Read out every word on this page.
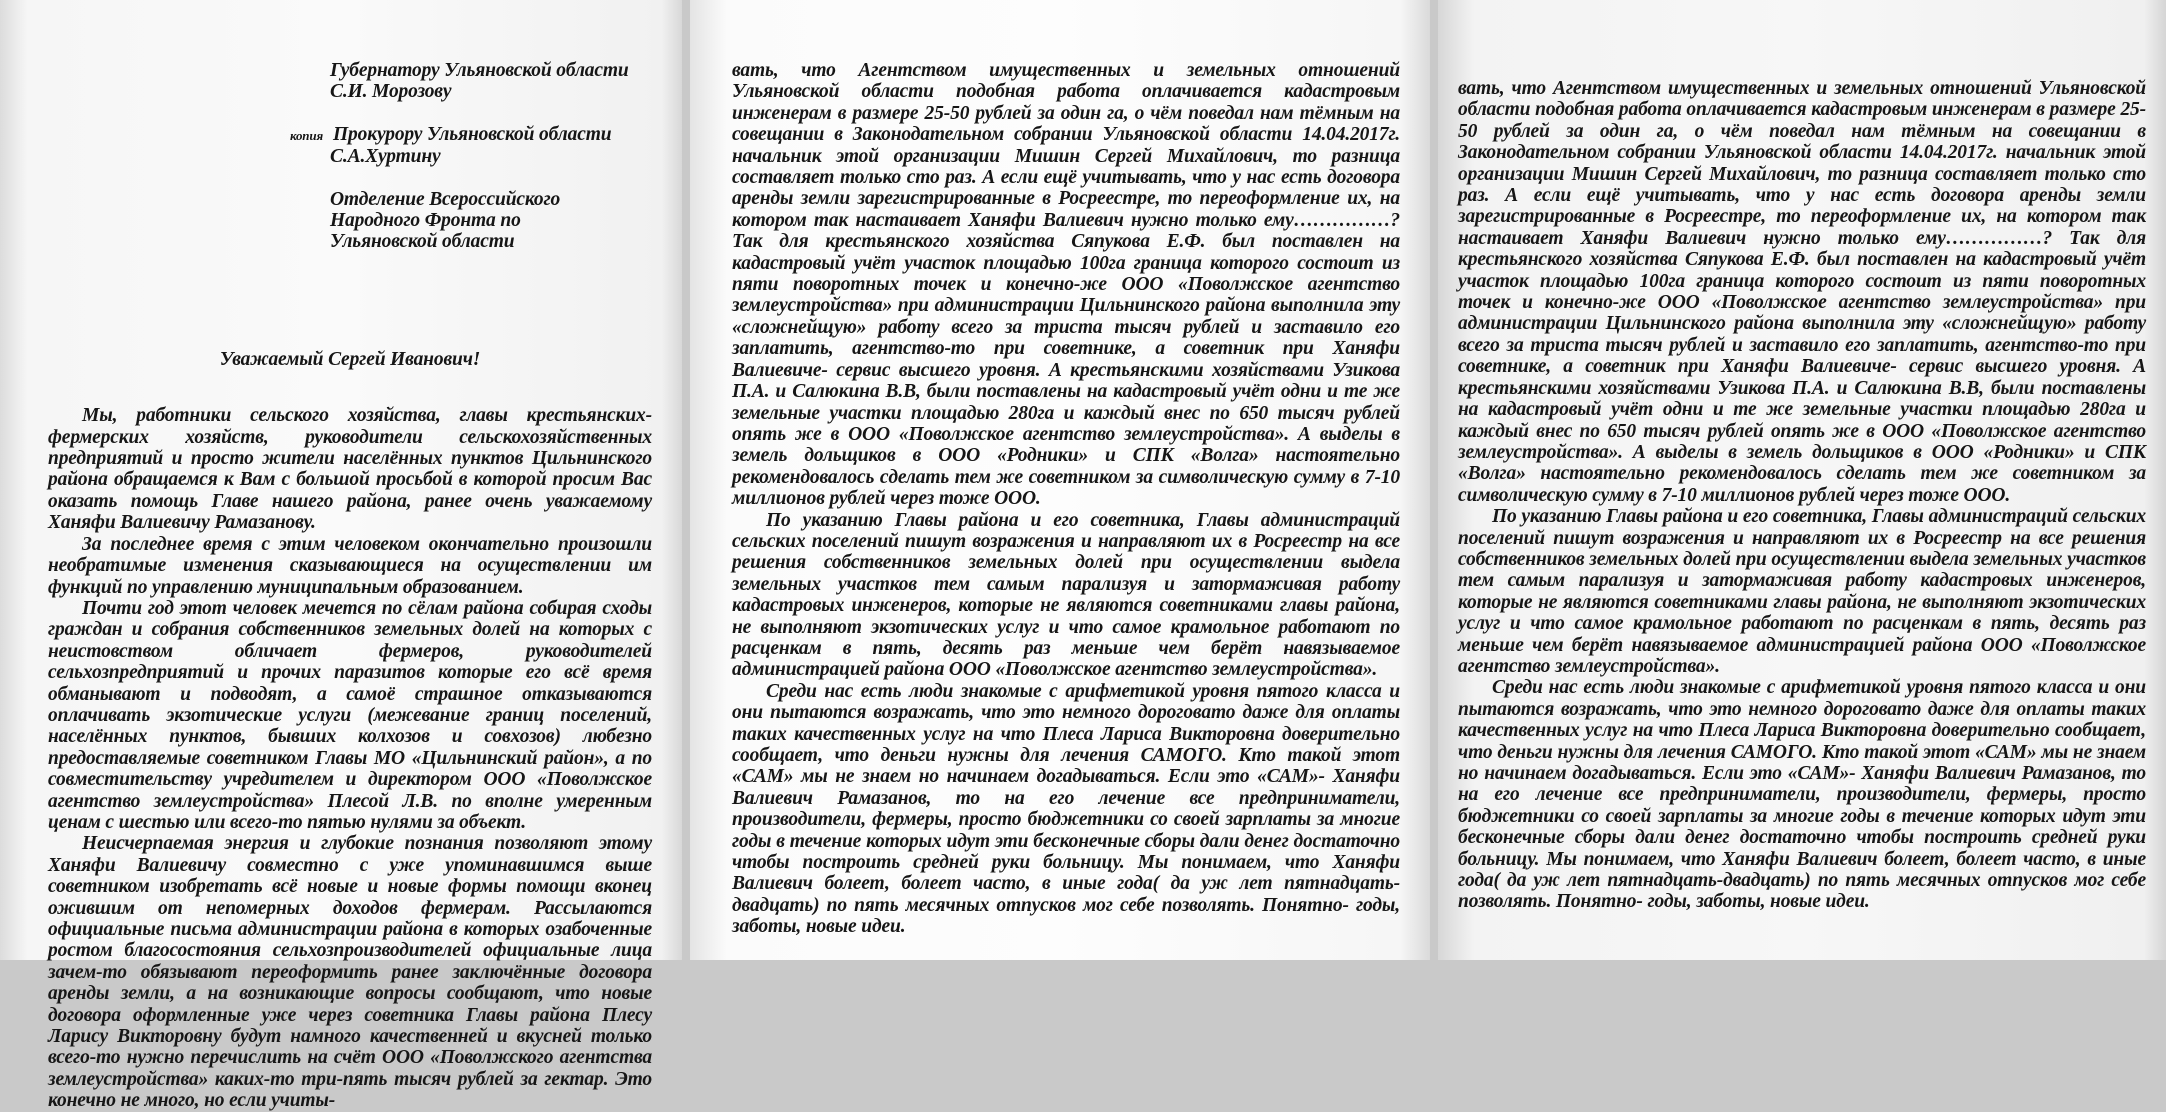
Губернатору Ульяновской области

С.И. Морозову

копия Прокурору Ульяновской области

С.А.Хуртину

Отделение Всероссийского

Народного Фронта по

Ульяновской области

Уважаемый Сергей Иванович!

Мы, работники сельского хозяйства, главы крестьянских-фермерских хозяйств, руководители сельскохозяйственных предприятий и просто жители населённых пунктов Цильнинского района обращаемся к Вам с большой просьбой в которой просим Вас оказать помощь Главе нашего района, ранее очень уважаемому Ханяфи Валиевичу Рамазанову.

За последнее время с этим человеком окончательно произошли необратимые изменения сказывающиеся на осуществлении им функций по управлению муниципальным образованием.

Почти год этот человек мечется по сёлам района собирая сходы граждан и собрания собственников земельных долей на которых с неистовством обличает фермеров, руководителей сельхозпредприятий и прочих паразитов которые его всё время обманывают и подводят, а самоё страшное отказываются оплачивать экзотические услуги (межевание границ поселений, населённых пунктов, бывших колхозов и совхозов) любезно предоставляемые советником Главы МО «Цильнинский район», а по совместительству учредителем и директором ООО «Поволжское агентство землеустройства» Плесой Л.В. по вполне умеренным ценам с шестью или всего-то пятью нулями за объект.

Неисчерпаемая энергия и глубокие познания позволяют этому Ханяфи Валиевичу совместно с уже упоминавшимся выше советником изобретать всё новые и новые формы помощи вконец ожившим от непомерных доходов фермерам. Рассылаются официальные письма администрации района в которых озабоченные ростом благосостояния сельхозпроизводителей официальные лица зачем-то обязывают переоформить ранее заключённые договора аренды земли, а на возникающие вопросы сообщают, что новые договора оформленные уже через советника Главы района Плесу Ларису Викторовну будут намного качественней и вкусней только всего-то нужно перечислить на счёт ООО «Поволжского агентства землеустройства» каких-то три-пять тысяч рублей за гектар. Это конечно не много, но если учиты-

вать, что Агентством имущественных и земельных отношений Ульяновской области подобная работа оплачивается кадастровым инженерам в размере 25-50 рублей за один га, о чём поведал нам тёмным на совещании в Законодательном собрании Ульяновской области 14.04.2017г. начальник этой организации Мишин Сергей Михайлович, то разница составляет только сто раз. А если ещё учитывать, что у нас есть договора аренды земли зарегистрированные в Росреестре, то переоформление их, на котором так настаивает Ханяфи Валиевич нужно только ему……………? Так для крестьянского хозяйства Сяпукова Е.Ф. был поставлен на кадастровый учёт участок площадью 100га граница которого состоит из пяти поворотных точек и конечно-же ООО «Поволжское агентство землеустройства» при администрации Цильнинского района выполнила эту «сложнейщую» работу всего за триста тысяч рублей и заставило его заплатить, агентство-то при советнике, а советник при Ханяфи Валиевиче- сервис высшего уровня. А крестьянскими хозяйствами Узикова П.А. и Салюкина В.В, были поставлены на кадастровый учёт одни и те же земельные участки площадью 280га и каждый внес по 650 тысяч рублей опять же в ООО «Поволжское агентство землеустройства». А выделы в земель дольщиков в ООО «Родники» и СПК «Волга» настоятельно рекомендовалось сделать тем же советником за символическую сумму в 7-10 миллионов рублей через тоже ООО.

По указанию Главы района и его советника, Главы администраций сельских поселений пишут возражения и направляют их в Росреестр на все решения собственников земельных долей при осуществлении выдела земельных участков тем самым парализуя и затормаживая работу кадастровых инженеров, которые не являются советниками главы района, не выполняют экзотических услуг и что самое крамольное работают по расценкам в пять, десять раз меньше чем берёт навязываемое администрацией района ООО «Поволжское агентство землеустройства».

Среди нас есть люди знакомые с арифметикой уровня пятого класса и они пытаются возражать, что это немного дороговато даже для оплаты таких качественных услуг на что Плеса Лариса Викторовна доверительно сообщает, что деньги нужны для лечения САМОГО. Кто такой этот «САМ» мы не знаем но начинаем догадываться. Если это «САМ»- Ханяфи Валиевич Рамазанов, то на его лечение все предприниматели, производители, фермеры, просто бюджетники со своей зарплаты за многие годы в течение которых идут эти бесконечные сборы дали денег достаточно чтобы построить средней руки больницу. Мы понимаем, что Ханяфи Валиевич болеет, болеет часто, в иные года( да уж лет пятнадцать-двадцать) по пять месячных отпусков мог себе позволять. Понятно- годы, заботы, новые идеи.

вать, что Агентством имущественных и земельных отношений Ульяновской области подобная работа оплачивается кадастровым инженерам в размере 25-50 рублей за один га, о чём поведал нам тёмным на совещании в Законодательном собрании Ульяновской области 14.04.2017г. начальник этой организации Мишин Сергей Михайлович, то разница составляет только сто раз. А если ещё учитывать, что у нас есть договора аренды земли зарегистрированные в Росреестре, то переоформление их, на котором так настаивает Ханяфи Валиевич нужно только ему……………? Так для крестьянского хозяйства Сяпукова Е.Ф. был поставлен на кадастровый учёт участок площадью 100га граница которого состоит из пяти поворотных точек и конечно-же ООО «Поволжское агентство землеустройства» при администрации Цильнинского района выполнила эту «сложнейщую» работу всего за триста тысяч рублей и заставило его заплатить, агентство-то при советнике, а советник при Ханяфи Валиевиче- сервис высшего уровня. А крестьянскими хозяйствами Узикова П.А. и Салюкина В.В, были поставлены на кадастровый учёт одни и те же земельные участки площадью 280га и каждый внес по 650 тысяч рублей опять же в ООО «Поволжское агентство землеустройства». А выделы в земель дольщиков в ООО «Родники» и СПК «Волга» настоятельно рекомендовалось сделать тем же советником за символическую сумму в 7-10 миллионов рублей через тоже ООО.

По указанию Главы района и его советника, Главы администраций сельских поселений пишут возражения и направляют их в Росреестр на все решения собственников земельных долей при осуществлении выдела земельных участков тем самым парализуя и затормаживая работу кадастровых инженеров, которые не являются советниками главы района, не выполняют экзотических услуг и что самое крамольное работают по расценкам в пять, десять раз меньше чем берёт навязываемое администрацией района ООО «Поволжское агентство землеустройства».

Среди нас есть люди знакомые с арифметикой уровня пятого класса и они пытаются возражать, что это немного дороговато даже для оплаты таких качественных услуг на что Плеса Лариса Викторовна доверительно сообщает, что деньги нужны для лечения САМОГО. Кто такой этот «САМ» мы не знаем но начинаем догадываться. Если это «САМ»- Ханяфи Валиевич Рамазанов, то на его лечение все предприниматели, производители, фермеры, просто бюджетники со своей зарплаты за многие годы в течение которых идут эти бесконечные сборы дали денег достаточно чтобы построить средней руки больницу. Мы понимаем, что Ханяфи Валиевич болеет, болеет часто, в иные года( да уж лет пятнадцать-двадцать) по пять месячных отпусков мог себе позволять. Понятно- годы, заботы, новые идеи.
